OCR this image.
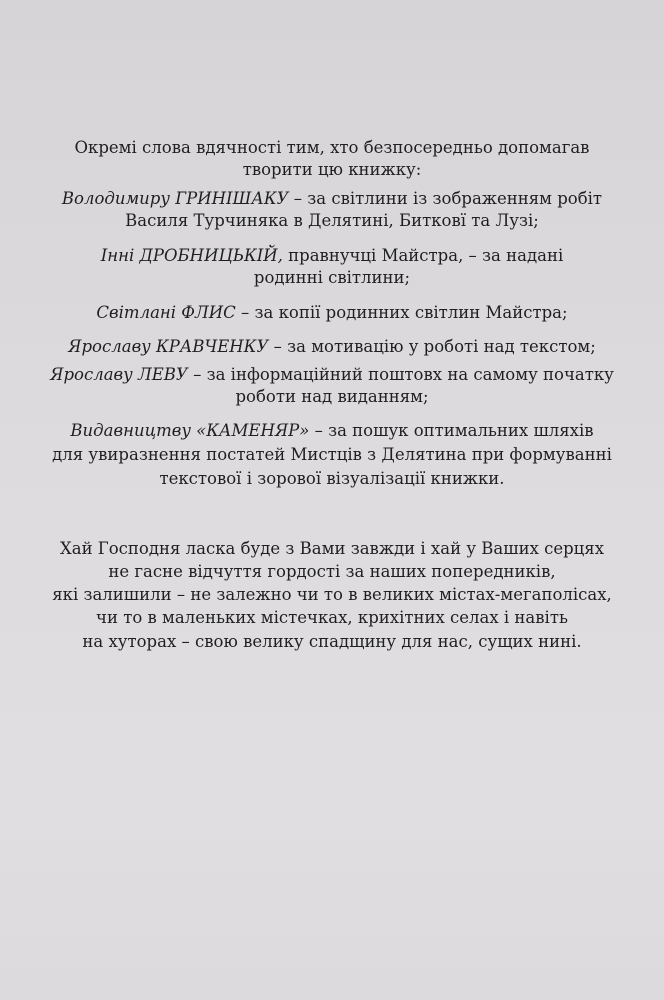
Окремі слова вдячності тим, хто безпосередньо допомагав
творити цю книжку:
Володимиру ГРИНІШАКУ – за світлини із зображенням робіт
Василя Турчиняка в Делятині, Битковї та Лузі;
Інні ДРОБНИЦЬКІЙ, правнучці Майстра, – за надані
родинні світлини;
Світлані ФЛИС – за копії родинних світлин Майстра;
Ярославу КРАВЧЕНКУ – за мотивацію у роботі над текстом;
Ярославу ЛЕВУ – за інформаційний поштовх на самому початку
роботи над виданням;
Видавництву «КАМЕНЯР» – за пошук оптимальних шляхів
для увиразнення постатей Мистців з Делятина при формуванні
текстової і зорової візуалізації книжки.
Хай Господня ласка буде з Вами завжди і хай у Ваших серцях
не гасне відчуття гордості за наших попередників,
які залишили – не залежно чи то в великих містах-мегаполісах,
чи то в маленьких містечках, крихітних селах і навіть
на хуторах – свою велику спадщину для нас, сущих нині.
